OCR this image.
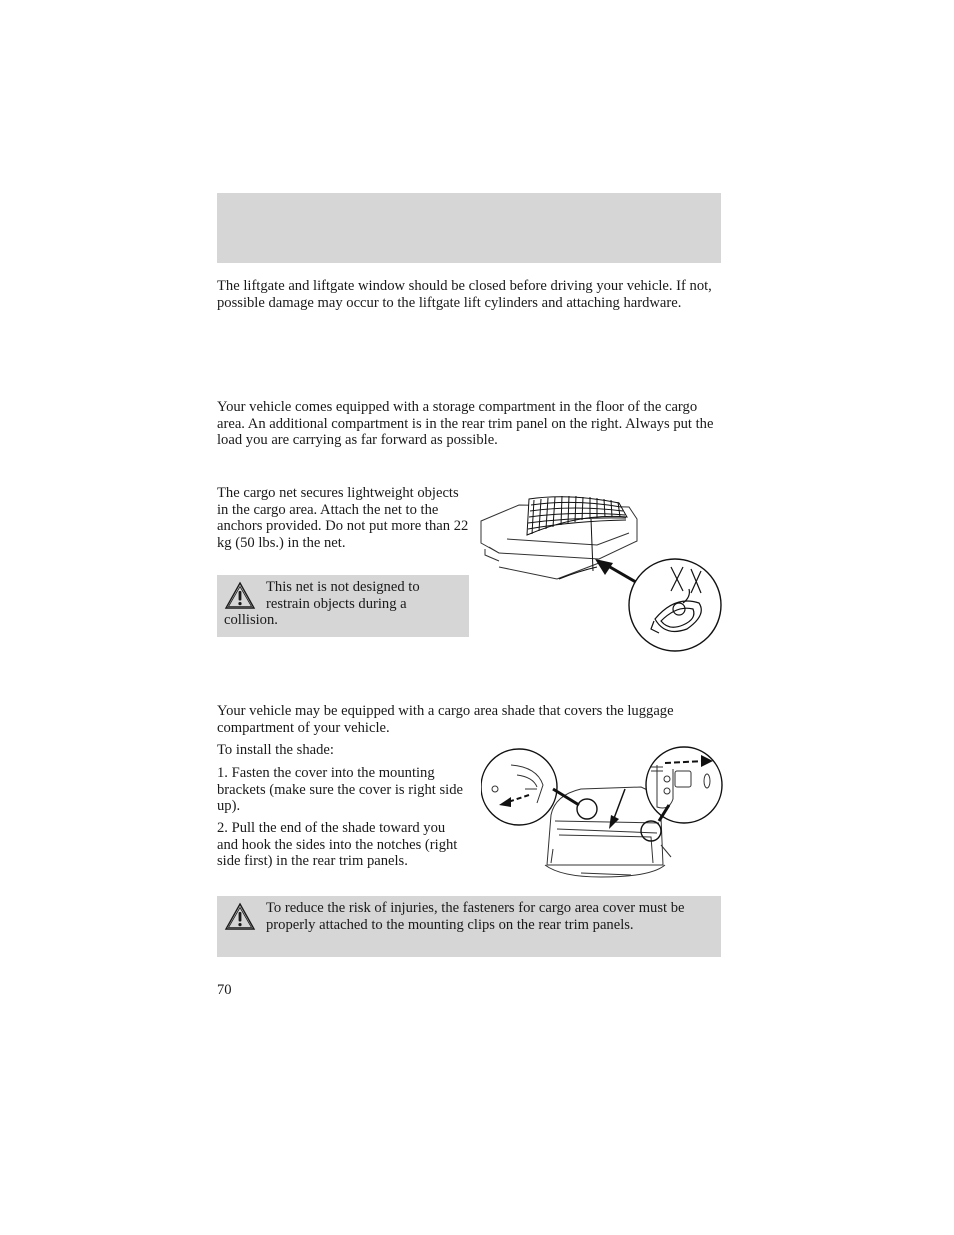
The liftgate and liftgate window should be closed before driving your vehicle. If not, possible damage may occur to the liftgate lift cylinders and attaching hardware.

Your vehicle comes equipped with a storage compartment in the floor of the cargo area. An additional compartment is in the rear trim panel on the right. Always put the load you are carrying as far forward as possible.

The cargo net secures lightweight objects in the cargo area. Attach the net to the anchors provided. Do not put more than 22 kg (50 lbs.) in the net.

This net is not designed to restrain objects during a collision.

Your vehicle may be equipped with a cargo area shade that covers the luggage compartment of your vehicle.

To install the shade:

1. Fasten the cover into the mounting brackets (make sure the cover is right side up).

2. Pull the end of the shade toward you and hook the sides into the notches (right side first) in the rear trim panels.

To reduce the risk of injuries, the fasteners for cargo area cover must be properly attached to the mounting clips on the rear trim panels.

70
